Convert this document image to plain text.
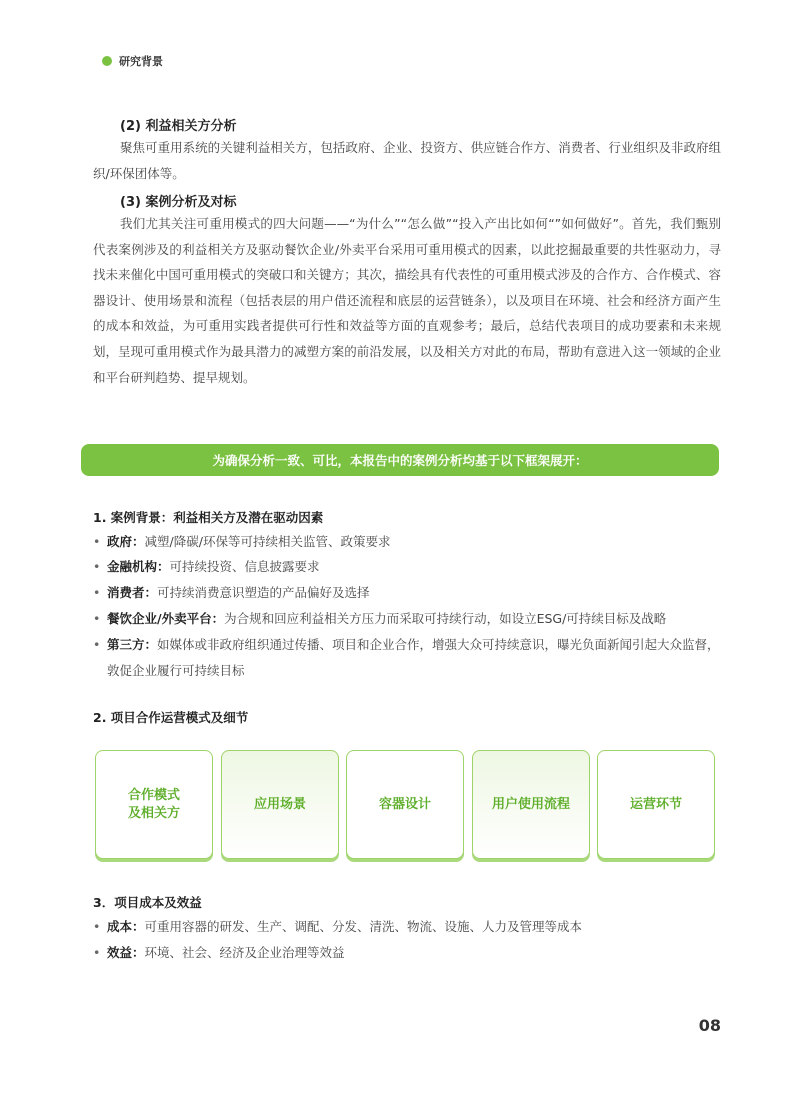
研究背景
(2) 利益相关方分析

聚焦可重用系统的关键利益相关方，包括政府、企业、投资方、供应链合作方、消费者、行业组织及非政府组织/环保团体等。

(3) 案例分析及对标

我们尤其关注可重用模式的四大问题——“为什么”“怎么做”“投入产出比如何“”如何做好”。首先，我们甄别代表案例涉及的利益相关方及驱动餐饮企业/外卖平台采用可重用模式的因素，以此挖掘最重要的共性驱动力，寻找未来催化中国可重用模式的突破口和关键方；其次，描绘具有代表性的可重用模式涉及的合作方、合作模式、容器设计、使用场景和流程（包括表层的用户借还流程和底层的运营链条），以及项目在环境、社会和经济方面产生的成本和效益，为可重用实践者提供可行性和效益等方面的直观参考；最后，总结代表项目的成功要素和未来规划，呈现可重用模式作为最具潜力的减塑方案的前沿发展，以及相关方对此的布局，帮助有意进入这一领域的企业和平台研判趋势、提早规划。

为确保分析一致、可比，本报告中的案例分析均基于以下框架展开：
1. 案例背景：利益相关方及潜在驱动因素
• 政府：减塑/降碳/环保等可持续相关监管、政策要求
• 金融机构：可持续投资、信息披露要求
• 消费者：可持续消费意识塑造的产品偏好及选择
• 餐饮企业/外卖平台：为合规和回应利益相关方压力而采取可持续行动，如设立ESG/可持续目标及战略
• 第三方：如媒体或非政府组织通过传播、项目和企业合作，增强大众可持续意识，曝光负面新闻引起大众监督，敦促企业履行可持续目标
2. 项目合作运营模式及细节
合作模式
及相关方
应用场景	容器设计	用户使用流程	运营环节
3．项目成本及效益
• 成本：可重用容器的研发、生产、调配、分发、清洗、物流、设施、人力及管理等成本
• 效益：环境、社会、经济及企业治理等效益
08
